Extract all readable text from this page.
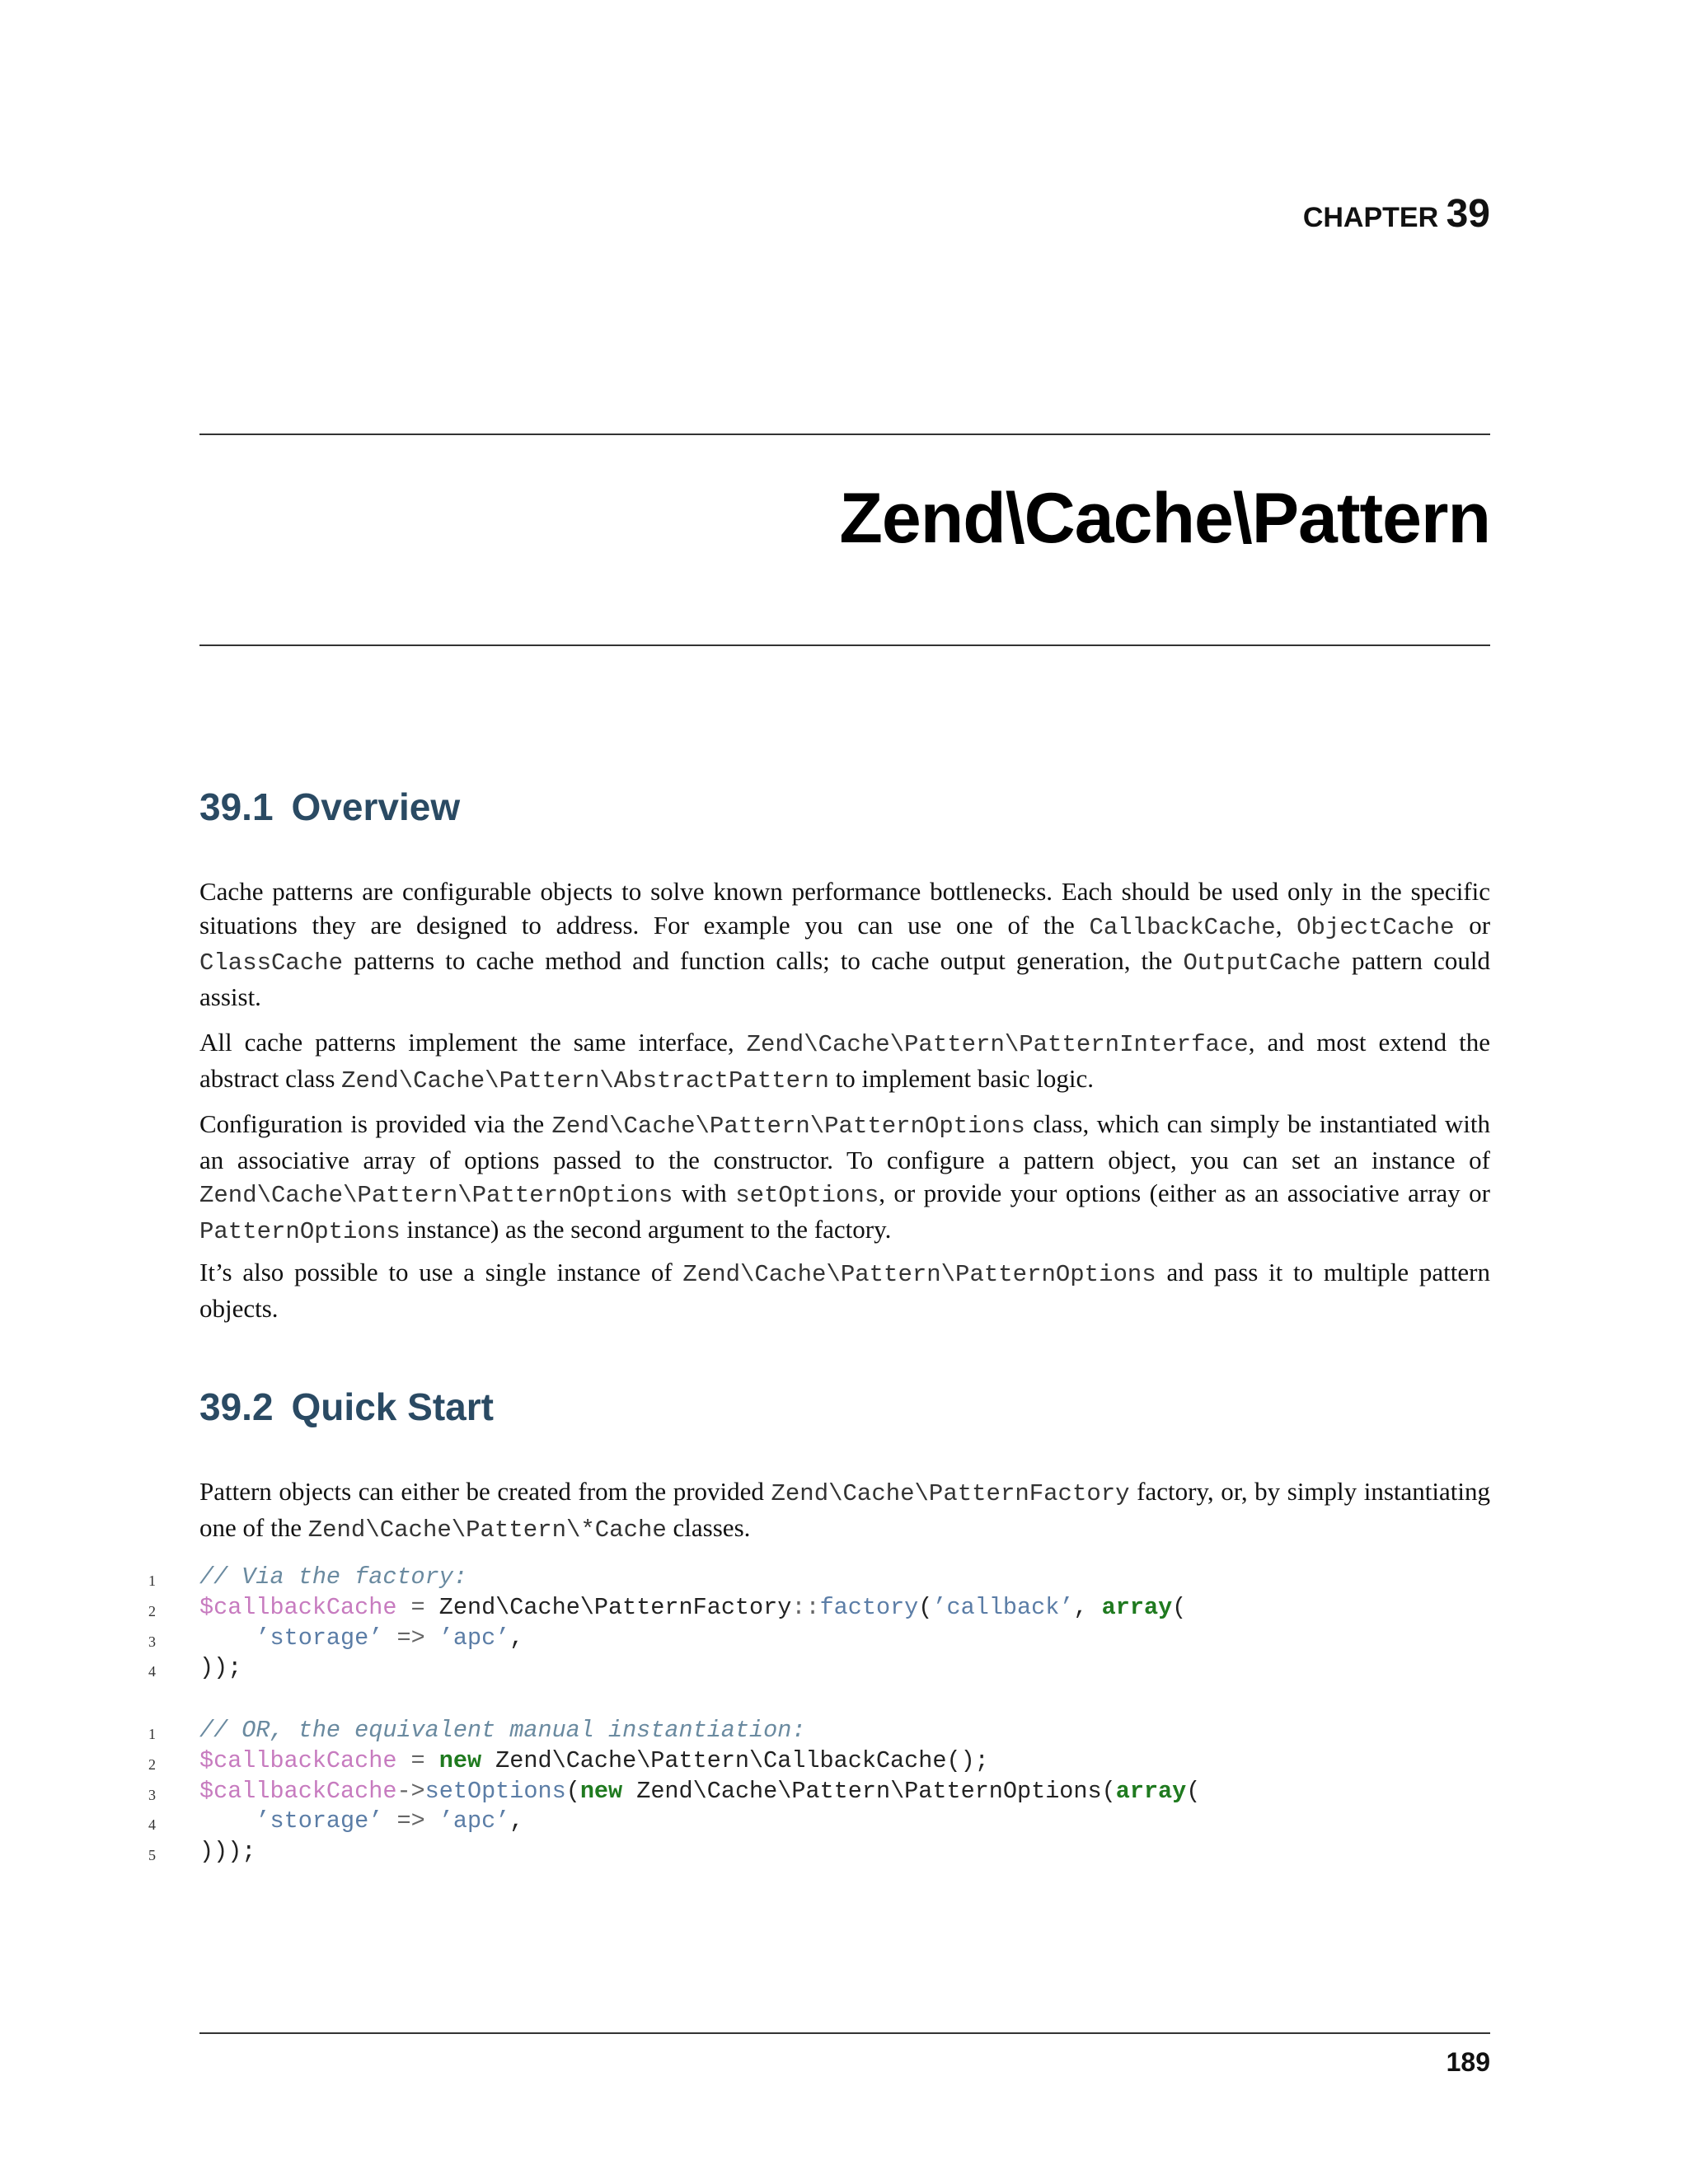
CHAPTER 39
Zend\Cache\Pattern
39.1 Overview

Cache patterns are configurable objects to solve known performance bottlenecks. Each should be used only in the specific situations they are designed to address. For example you can use one of the CallbackCache, ObjectCache or ClassCache patterns to cache method and function calls; to cache output generation, the OutputCache pattern could assist.

All cache patterns implement the same interface, Zend\Cache\Pattern\PatternInterface, and most extend the abstract class Zend\Cache\Pattern\AbstractPattern to implement basic logic.

Configuration is provided via the Zend\Cache\Pattern\PatternOptions class, which can simply be instantiated with an associative array of options passed to the constructor. To configure a pattern object, you can set an instance of Zend\Cache\Pattern\PatternOptions with setOptions, or provide your options (either as an associative array or PatternOptions instance) as the second argument to the factory.

It’s also possible to use a single instance of Zend\Cache\Pattern\PatternOptions and pass it to multiple pattern objects.

39.2 Quick Start

Pattern objects can either be created from the provided Zend\Cache\PatternFactory factory, or, by simply instantiating one of the Zend\Cache\Pattern\*Cache classes.

1	// Via the factory:
2	$callbackCache = Zend\Cache\PatternFactory::factory(’callback’, array(
3	’storage’ => ’apc’,
4	));
1	// OR, the equivalent manual instantiation:
2	$callbackCache = new Zend\Cache\Pattern\CallbackCache();
3	$callbackCache->setOptions(new Zend\Cache\Pattern\PatternOptions(array(
4	’storage’ => ’apc’,
5	)));
189
